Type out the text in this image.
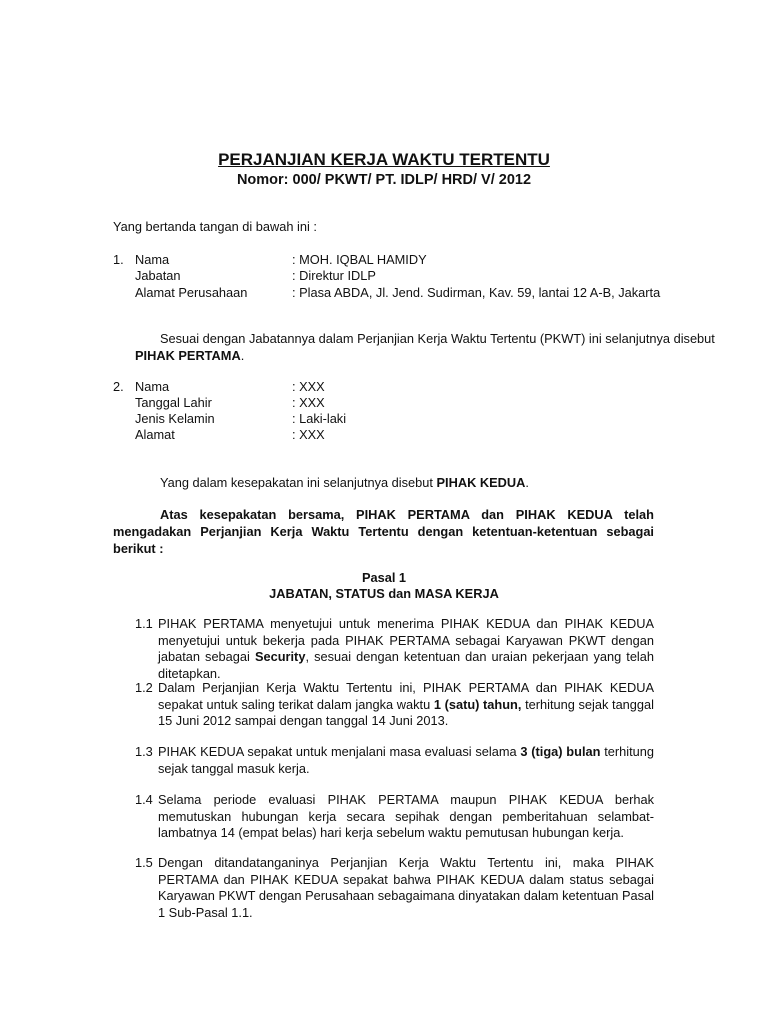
PERJANJIAN KERJA WAKTU TERTENTU
Nomor: 000/ PKWT/ PT. IDLP/ HRD/ V/ 2012
Yang bertanda tangan di bawah ini :
1. Nama	: MOH. IQBAL HAMIDY
Jabatan	: Direktur IDLP
Alamat Perusahaan	: Plasa ABDA, Jl. Jend. Sudirman, Kav. 59, lantai 12 A-B, Jakarta
Sesuai dengan Jabatannya dalam Perjanjian Kerja Waktu Tertentu (PKWT) ini selanjutnya disebut
PIHAK PERTAMA.
2. Nama	: XXX
Tanggal Lahir	: XXX
Jenis Kelamin	: Laki-laki
Alamat	: XXX
Yang dalam kesepakatan ini selanjutnya disebut PIHAK KEDUA.
Atas kesepakatan bersama, PIHAK PERTAMA dan PIHAK KEDUA telah mengadakan Perjanjian Kerja Waktu Tertentu dengan ketentuan-ketentuan sebagai berikut :
Pasal 1
JABATAN, STATUS dan MASA KERJA
1.1 PIHAK PERTAMA menyetujui untuk menerima PIHAK KEDUA dan PIHAK KEDUA menyetujui untuk bekerja pada PIHAK PERTAMA sebagai Karyawan PKWT dengan jabatan sebagai Security, sesuai dengan ketentuan dan uraian pekerjaan yang telah ditetapkan.
1.2 Dalam Perjanjian Kerja Waktu Tertentu ini, PIHAK PERTAMA dan PIHAK KEDUA sepakat untuk saling terikat dalam jangka waktu 1 (satu) tahun, terhitung sejak tanggal 15 Juni 2012 sampai dengan tanggal 14 Juni 2013.
1.3 PIHAK KEDUA sepakat untuk menjalani masa evaluasi selama 3 (tiga) bulan terhitung sejak tanggal masuk kerja.
1.4 Selama periode evaluasi PIHAK PERTAMA maupun PIHAK KEDUA berhak memutuskan hubungan kerja secara sepihak dengan pemberitahuan selambat-lambatnya 14 (empat belas) hari kerja sebelum waktu pemutusan hubungan kerja.
1.5 Dengan ditandatanganinya Perjanjian Kerja Waktu Tertentu ini, maka PIHAK PERTAMA dan PIHAK KEDUA sepakat bahwa PIHAK KEDUA dalam status sebagai Karyawan PKWT dengan Perusahaan sebagaimana dinyatakan dalam ketentuan Pasal 1 Sub-Pasal 1.1.
